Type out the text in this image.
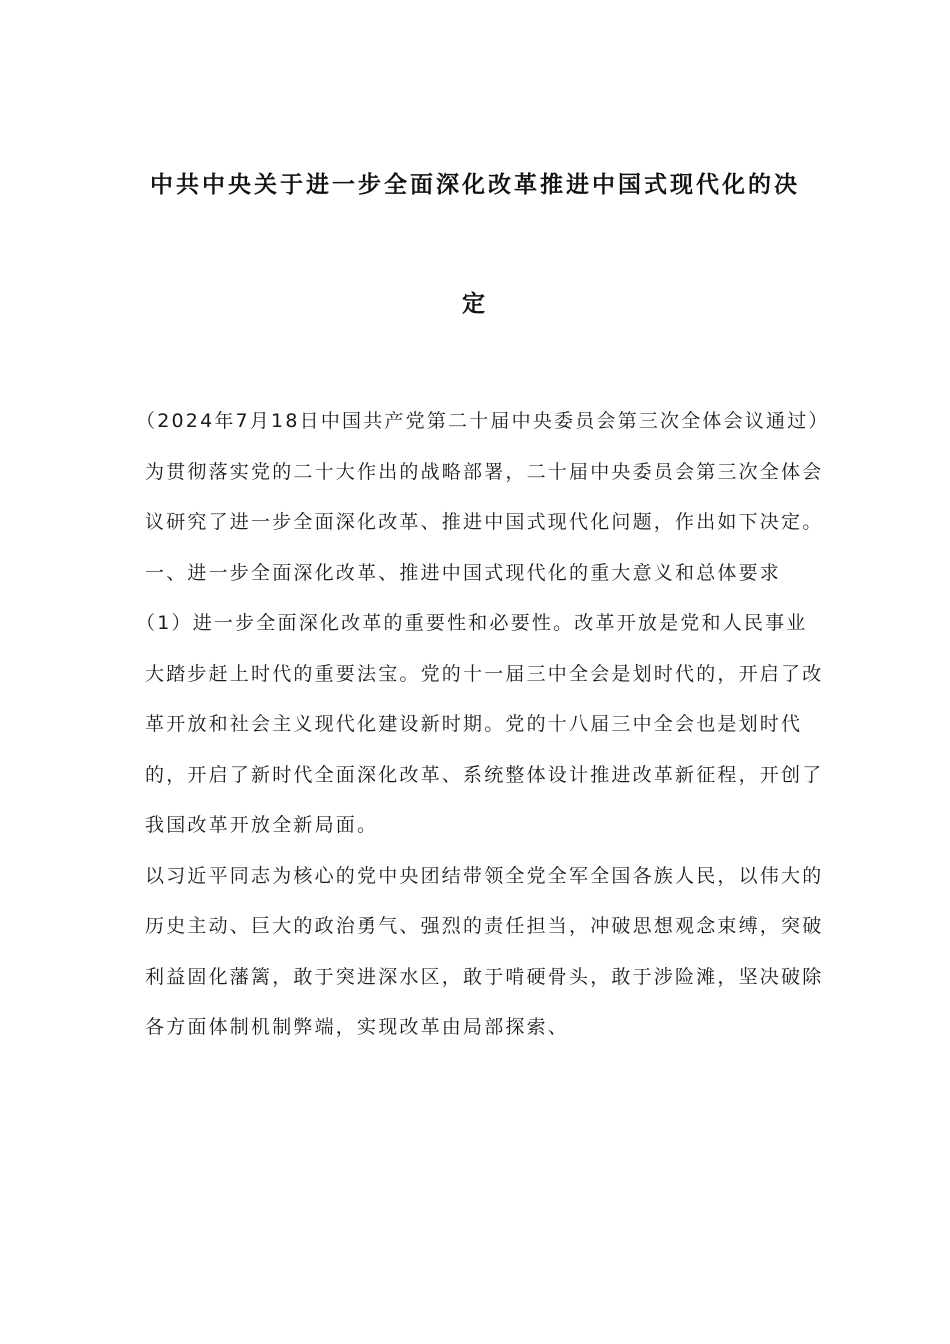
中共中央关于进一步全面深化改革推进中国式现代化的决
定

（2024年7月18日中国共产党第二十届中央委员会第三次全体会议通过）

为贯彻落实党的二十大作出的战略部署，二十届中央委员会第三次全体会议研究了进一步全面深化改革、推进中国式现代化问题，作出如下决定。

一、进一步全面深化改革、推进中国式现代化的重大意义和总体要求

（1）进一步全面深化改革的重要性和必要性。改革开放是党和人民事业大踏步赶上时代的重要法宝。党的十一届三中全会是划时代的，开启了改革开放和社会主义现代化建设新时期。党的十八届三中全会也是划时代的，开启了新时代全面深化改革、系统整体设计推进改革新征程，开创了我国改革开放全新局面。

以习近平同志为核心的党中央团结带领全党全军全国各族人民，以伟大的历史主动、巨大的政治勇气、强烈的责任担当，冲破思想观念束缚，突破利益固化藩篱，敢于突进深水区，敢于啃硬骨头，敢于涉险滩，坚决破除各方面体制机制弊端，实现改革由局部探索、
